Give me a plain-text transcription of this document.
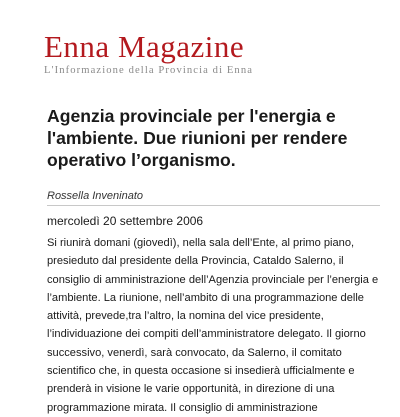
Enna Magazine
L'Informazione della Provincia di Enna
Agenzia provinciale per l'energia e l'ambiente. Due riunioni per rendere operativo l’organismo.
Rossella Inveninato
mercoledì 20 settembre 2006
Si riunirà domani (giovedì), nella sala dell’Ente, al primo piano, presieduto dal presidente della Provincia, Cataldo Salerno, il consiglio di amministrazione dell’Agenzia provinciale per l’energia e l’ambiente. La riunione, nell’ambito di una programmazione delle attività, prevede,tra l’altro, la nomina del vice presidente, l’individuazione dei compiti dell’amministratore delegato. Il giorno successivo, venerdì, sarà convocato, da Salerno, il comitato scientifico che, in questa occasione si insedierà ufficialmente e prenderà in visione le varie opportunità, in direzione di una programmazione mirata. Il consiglio di amministrazione
